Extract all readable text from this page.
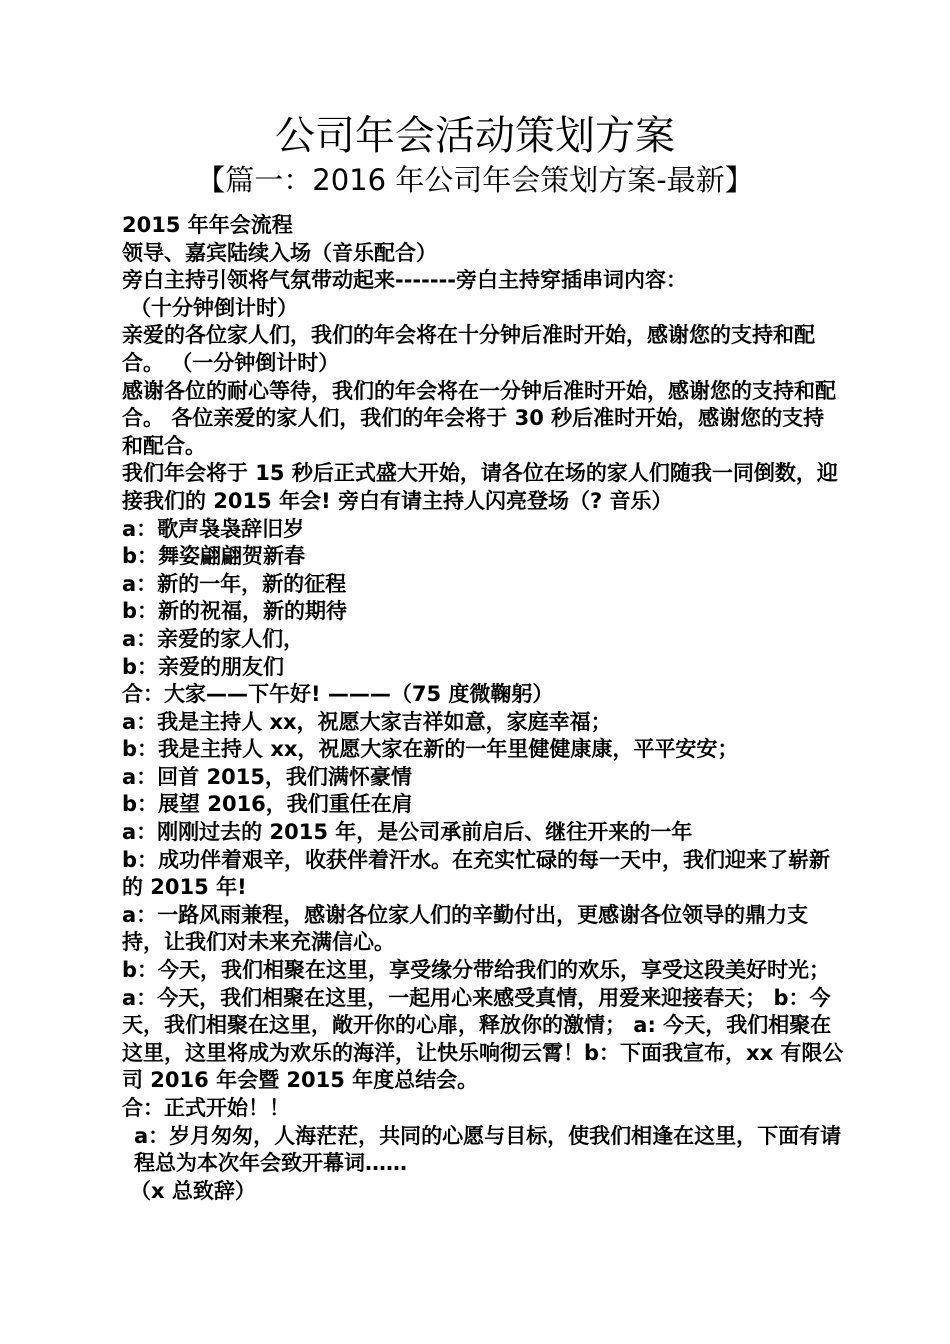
公司年会活动策划方案
【篇一：2016 年公司年会策划方案-最新】

2015 年年会流程

领导、嘉宾陆续入场（音乐配合）

旁白主持引领将气氛带动起来-------旁白主持穿插串词内容：

（十分钟倒计时）

亲爱的各位家人们，我们的年会将在十分钟后准时开始，感谢您的支持和配合。 （一分钟倒计时）

感谢各位的耐心等待，我们的年会将在一分钟后准时开始，感谢您的支持和配合。 各位亲爱的家人们，我们的年会将于 30 秒后准时开始，感谢您的支持和配合。

我们年会将于 15 秒后正式盛大开始，请各位在场的家人们随我一同倒数，迎接我们的 2015 年会! 旁白有请主持人闪亮登场（? 音乐）

a：歌声袅袅辞旧岁

b：舞姿翩翩贺新春

a：新的一年，新的征程

b：新的祝福，新的期待

a：亲爱的家人们，

b：亲爱的朋友们

合：大家——下午好! ———（75 度微鞠躬）

a：我是主持人 xx，祝愿大家吉祥如意，家庭幸福；

b：我是主持人 xx，祝愿大家在新的一年里健健康康，平平安安；

a：回首 2015，我们满怀豪情

b：展望 2016，我们重任在肩

a：刚刚过去的 2015 年，是公司承前启后、继往开来的一年

b：成功伴着艰辛，收获伴着汗水。在充实忙碌的每一天中，我们迎来了崭新的 2015 年!

a：一路风雨兼程，感谢各位家人们的辛勤付出，更感谢各位领导的鼎力支持，让我们对未来充满信心。

b：今天，我们相聚在这里，享受缘分带给我们的欢乐，享受这段美好时光； a：今天，我们相聚在这里，一起用心来感受真情，用爱来迎接春天； b：今天，我们相聚在这里，敞开你的心扉，释放你的激情； a: 今天，我们相聚在这里，这里将成为欢乐的海洋，让快乐响彻云霄！b：下面我宣布，xx 有限公司 2016 年会暨 2015 年度总结会。

合：正式开始！！

a：岁月匆匆，人海茫茫，共同的心愿与目标，使我们相逢在这里，下面有请程总为本次年会致开幕词……

（x 总致辞）
